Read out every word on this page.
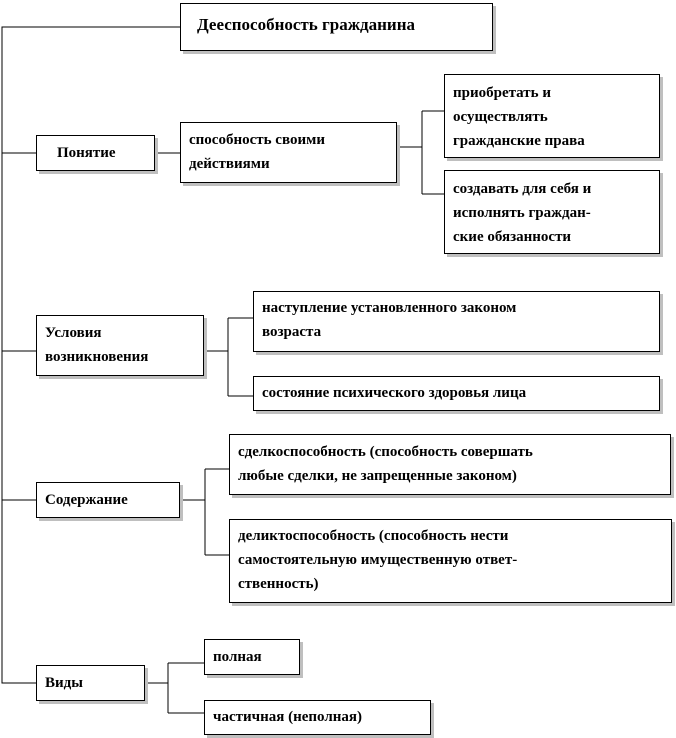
Дееспособность гражданина
Понятие
способность своими
действиями
приобретать и
осуществлять
гражданские права
создавать для себя и
исполнять граждан-
ские обязанности
Условия
возникновения
наступление установленного законом
возраста
состояние психического здоровья лица
Содержание
сделкоспособность (способность совершать
любые сделки, не запрещенные законом)
деликтоспособность (способность нести
самостоятельную имущественную ответ-
ственность)
Виды
полная
частичная (неполная)
